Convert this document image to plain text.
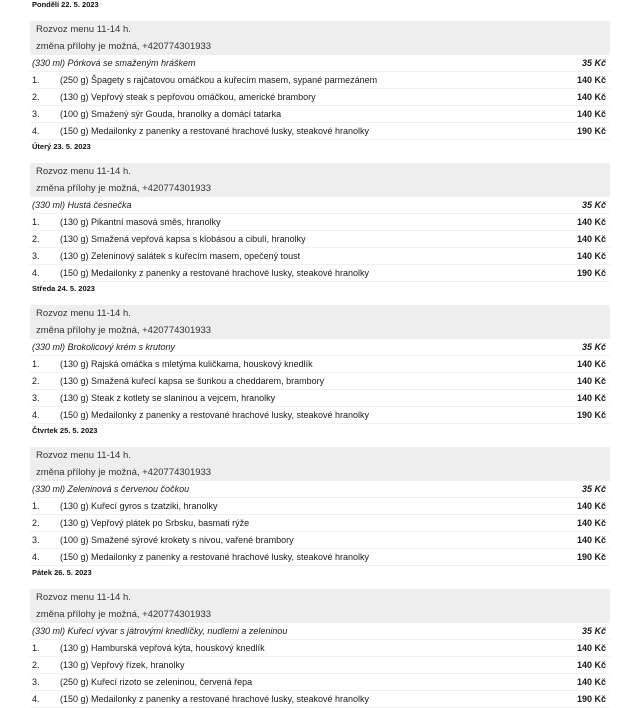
Pondělí 22. 5. 2023
Rozvoz menu 11-14 h.
změna přílohy je možná, +420774301933
(330 ml) Pórková se smaženým hráškem	35 Kč
1.	(250 g) Špagety s rajčatovou omáčkou a kuřecím masem, sypané parmezánem	140 Kč
2.	(130 g) Vepřový steak s pepřovou omáčkou, americké brambory	140 Kč
3.	(100 g) Smažený sýr Gouda, hranolky a domácí tatarka	140 Kč
4.	(150 g) Medailonky z panenky a restované hrachové lusky, steakové hranolky	190 Kč
Úterý 23. 5. 2023
Rozvoz menu 11-14 h.
změna přílohy je možná, +420774301933
(330 ml) Hustá česnečka	35 Kč
1.	(130 g) Pikantní masová směs, hranolky	140 Kč
2.	(130 g) Smažená vepřová kapsa s klobásou a cibulí, hranolky	140 Kč
3.	(130 g) Zeleninový salátek s kuřecím masem, opečený toust	140 Kč
4.	(150 g) Medailonky z panenky a restované hrachové lusky, steakové hranolky	190 Kč
Středa 24. 5. 2023
Rozvoz menu 11-14 h.
změna přílohy je možná, +420774301933
(330 ml) Brokolicový krém s krutony	35 Kč
1.	(130 g) Rajská omáčka s mletýma kuličkama, houskový knedlík	140 Kč
2.	(130 g) Smažená kuřecí kapsa se šunkou a cheddarem, brambory	140 Kč
3.	(130 g) Steak z kotlety se slaninou a vejcem, hranolky	140 Kč
4.	(150 g) Medailonky z panenky a restované hrachové lusky, steakové hranolky	190 Kč
Čtvrtek 25. 5. 2023
Rozvoz menu 11-14 h.
změna přílohy je možná, +420774301933
(330 ml) Zeleninová s červenou čočkou	35 Kč
1.	(130 g) Kuřecí gyros s tzatziki, hranolky	140 Kč
2.	(130 g) Vepřový plátek po Srbsku, basmati rýže	140 Kč
3.	(100 g) Smažené sýrové krokety s nivou, vařené brambory	140 Kč
4.	(150 g) Medailonky z panenky a restované hrachové lusky, steakové hranolky	190 Kč
Pátek 26. 5. 2023
Rozvoz menu 11-14 h.
změna přílohy je možná, +420774301933
(330 ml) Kuřecí vývar s játrovými knedlíčky, nudlemi a zeleninou	35 Kč
1.	(130 g) Hamburská vepřová kýta, houskový knedlík	140 Kč
2.	(130 g) Vepřový řízek, hranolky	140 Kč
3.	(250 g) Kuřecí rizoto se zeleninou, červená řepa	140 Kč
4.	(150 g) Medailonky z panenky a restované hrachové lusky, steakové hranolky	190 Kč
